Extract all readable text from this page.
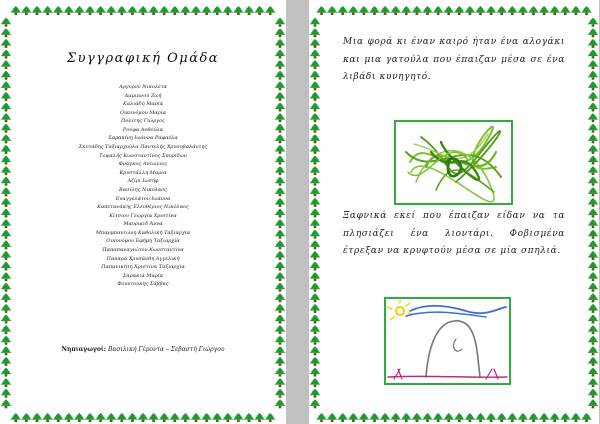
Συγγραφική Ομάδα
Αργυρού Νικολέτα
Δαμιανού Ζωή
Καλιάδη Μαρία
Οικονόμου Μαρία
Πολίτης Γιώργος
Ρούφα Ανθούλα
Σαρακίνη Ιωάννα Ραφαέλα
Σκοτάδης Ταξιαρχούλα Παντελής Χρυσοβαλάντης
Τοψαλής Κωνσταντίνος Σπυρίδων
Φράγκος Αντώνιος
Κρυστάλλη Μαρία
Αζίρι Ιωσήφ
Βασίλης Νικόλαος
Ευαγγελάτου Ιωάννα
Καπετανάκης Ελευθέριος Νικόλαος
Κίτσιου Γεωργία Χριστίνα
Μαυρικιδ Άννα
Μπαρμπαντώνη Καθολική Ταξιαρχία
Οικονόμου Εφήμη Ταξιαρχία
Παπαπαναγιώτου Κωνσταντίνα
Παπαρά Χρυσάνθη Αγγελική
Παπανικήτη Χριστίνα Ταξιαρχία
Σαρακιά Μαρία
Φουντούκης Σάββας
Νηπιαγωγοί: Βασιλική Γέροντα – Σεβαστή Γιώργου
Μια φορά κι έναν καιρό ήταν ένα αλογάκι και μια γατούλα που έπαιζαν μέσα σε ένα λιβάδι κυνηγητό.
Ξαφνικά εκεί που έπαιζαν είδαν να τα πλησιάζει ένα λιοντάρι. Φοβισμένα έτρεξαν να κρυφτούν μέσα σε μία σπηλιά.
